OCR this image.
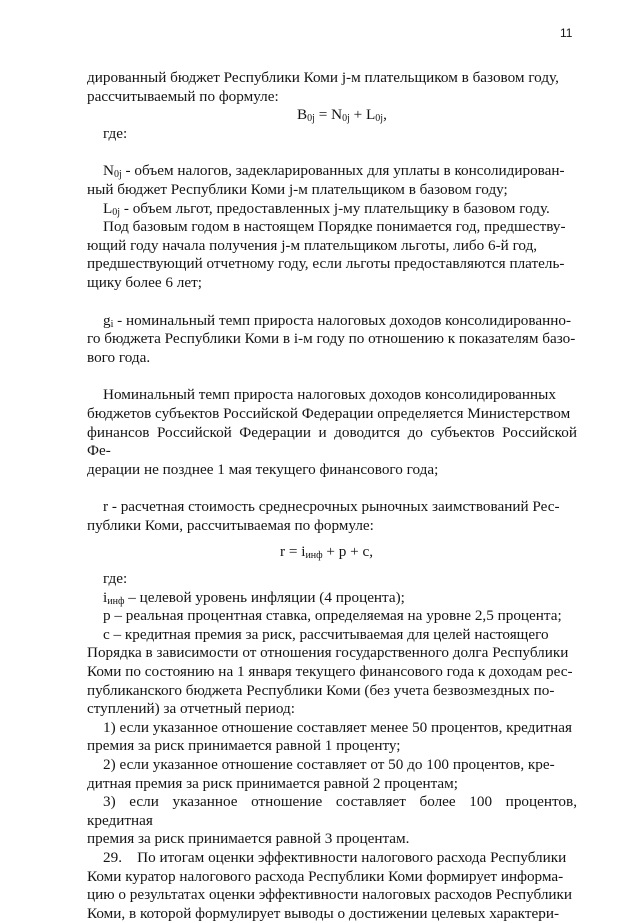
11

дированный бюджет Республики Коми j-м плательщиком в базовом году,

рассчитываемый по формуле:

$B_{0j} = N_{0j} + L_{0j}$,

где:

$N_{0j}$ - объем налогов, задекларированных для уплаты в консолидирован-

ный бюджет Республики Коми j-м плательщиком в базовом году;

$L_{0j}$ - объем льгот, предоставленных j-му плательщику в базовом году.

Под базовым годом в настоящем Порядке понимается год, предшеству-

ющий году начала получения j-м плательщиком льготы, либо 6-й год,

предшествующий отчетному году, если льготы предоставляются платель-

щику более 6 лет;

$g_i$ - номинальный темп прироста налоговых доходов консолидированно-

го бюджета Республики Коми в i-м году по отношению к показателям базо-

вого года.

Номинальный темп прироста налоговых доходов консолидированных

бюджетов субъектов Российской Федерации определяется Министерством

финансов Российской Федерации и доводится до субъектов Российской Фе-

дерации не позднее 1 мая текущего финансового года;

r - расчетная стоимость среднесрочных рыночных заимствований Рес-

публики Коми, рассчитываемая по формуле:

$r = i_{инф} + p + c$,

где:

$i_{инф}$ – целевой уровень инфляции (4 процента);

p – реальная процентная ставка, определяемая на уровне 2,5 процента;

c – кредитная премия за риск, рассчитываемая для целей настоящего

Порядка в зависимости от отношения государственного долга Республики

Коми по состоянию на 1 января текущего финансового года к доходам рес-

публиканского бюджета Республики Коми (без учета безвозмездных по-

ступлений) за отчетный период:

1) если указанное отношение составляет менее 50 процентов, кредитная

премия за риск принимается равной 1 проценту;

2) если указанное отношение составляет от 50 до 100 процентов, кре-

дитная премия за риск принимается равной 2 процентам;

3) если указанное отношение составляет более 100 процентов, кредитная

премия за риск принимается равной 3 процентам.

29.    По итогам оценки эффективности налогового расхода Республики

Коми куратор налогового расхода Республики Коми формирует информа-

цию о результатах оценки эффективности налоговых расходов Республики

Коми, в которой формулирует выводы о достижении целевых характери-
